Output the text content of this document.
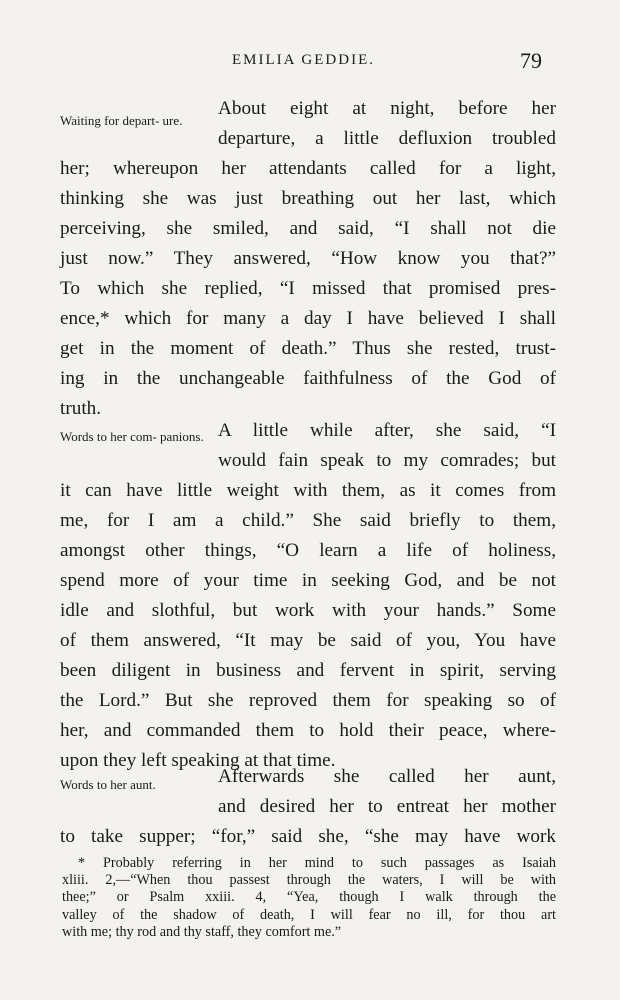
EMILIA GEDDIE.	79
Waiting for depart- ure.
Words to her com- panions.
Words to her aunt.
About eight at night, before her
departure, a little defluxion troubled
her; whereupon her attendants called for a light,
thinking she was just breathing out her last, which
perceiving, she smiled, and said, “I shall not die
just now.” They answered, “How know you that?”
To which she replied, “I missed that promised pres-
ence,* which for many a day I have believed I shall
get in the moment of death.” Thus she rested, trust-
ing in the unchangeable faithfulness of the God of
truth.
A little while after, she said, “I
would fain speak to my comrades; but
it can have little weight with them, as it comes from
me, for I am a child.” She said briefly to them,
amongst other things, “O learn a life of holiness,
spend more of your time in seeking God, and be not
idle and slothful, but work with your hands.” Some
of them answered, “It may be said of you, You have
been diligent in business and fervent in spirit, serving
the Lord.” But she reproved them for speaking so of
her, and commanded them to hold their peace, where-
upon they left speaking at that time.
Afterwards she called her aunt,
and desired her to entreat her mother
to take supper; “for,” said she, “she may have work
* Probably referring in her mind to such passages as Isaiah
xliii. 2,—“When thou passest through the waters, I will be with
thee;” or Psalm xxiii. 4, “Yea, though I walk through the
valley of the shadow of death, I will fear no ill, for thou art
with me; thy rod and thy staff, they comfort me.”
